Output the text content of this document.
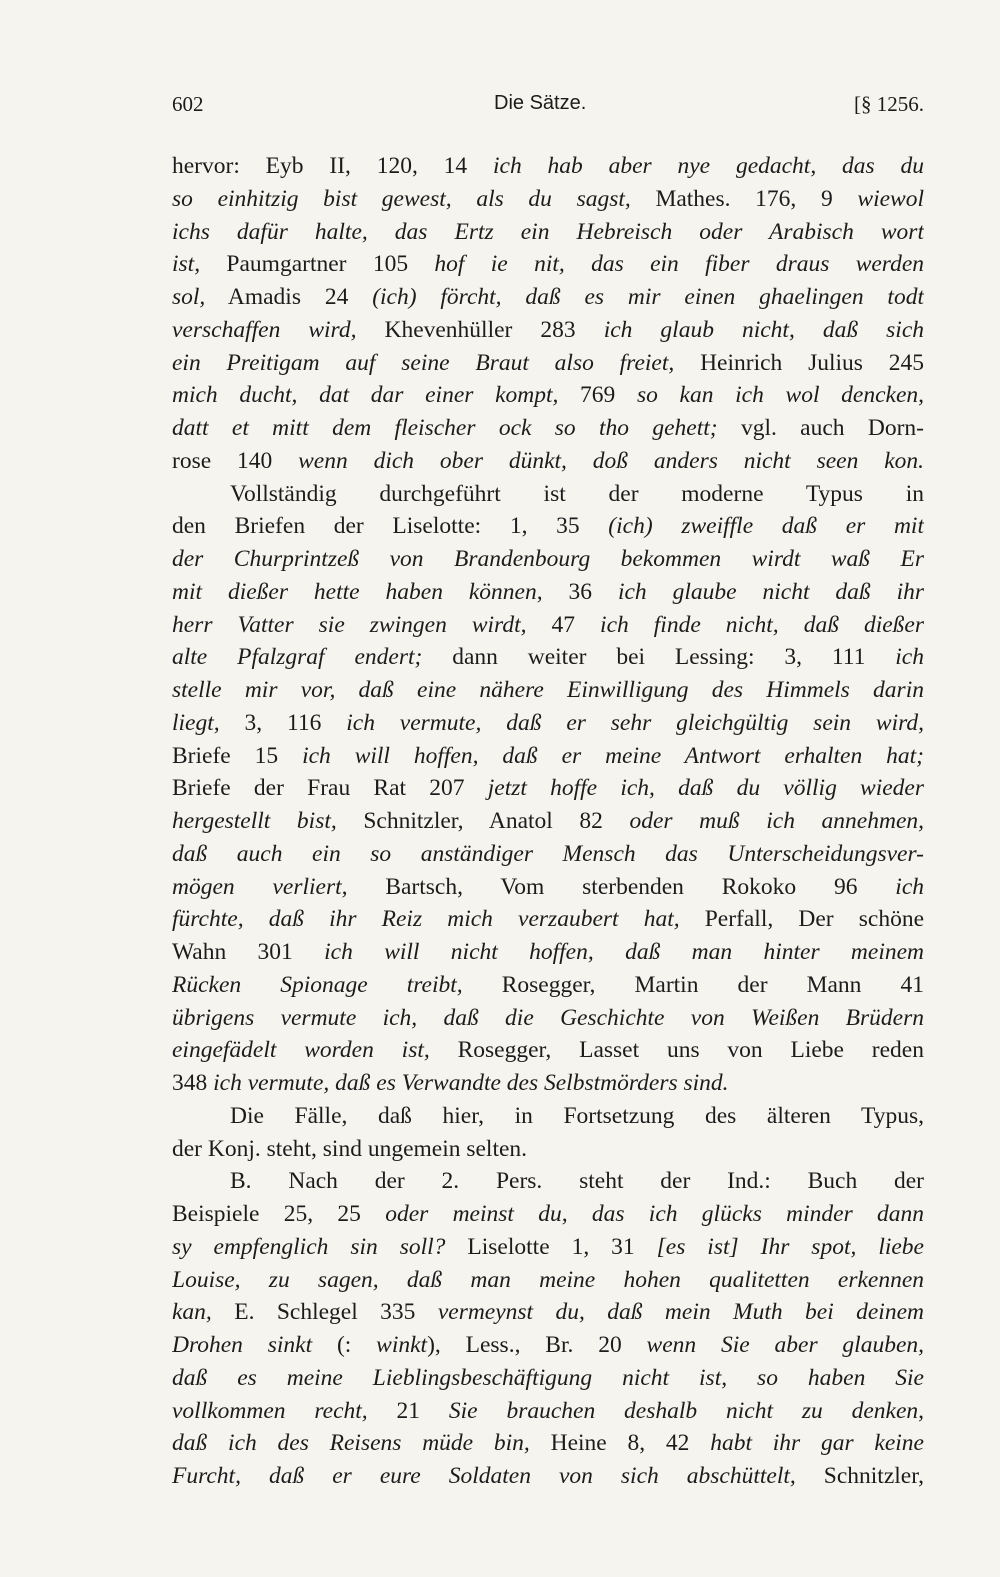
602	Die Sätze.	[§ 1256.
hervor: Eyb II, 120, 14 ich hab aber nye gedacht, das du
so einhitzig bist gewest, als du sagst, Mathes. 176, 9 wiewol
ichs dafür halte, das Ertz ein Hebreisch oder Arabisch wort
ist, Paumgartner 105 hof ie nit, das ein fiber draus werden
sol, Amadis 24 (ich) förcht, daß es mir einen ghaelingen todt
verschaffen wird, Khevenhüller 283 ich glaub nicht, daß sich
ein Preitigam auf seine Braut also freiet, Heinrich Julius 245
mich ducht, dat dar einer kompt, 769 so kan ich wol dencken,
datt et mitt dem fleischer ock so tho gehett; vgl. auch Dorn-
rose 140 wenn dich ober dünkt, doß anders nicht seen kon.
Vollständig durchgeführt ist der moderne Typus in
den Briefen der Liselotte: 1, 35 (ich) zweiffle daß er mit
der Churprintzeß von Brandenbourg bekommen wirdt waß Er
mit dießer hette haben können, 36 ich glaube nicht daß ihr
herr Vatter sie zwingen wirdt, 47 ich finde nicht, daß dießer
alte Pfalzgraf endert; dann weiter bei Lessing: 3, 111 ich
stelle mir vor, daß eine nähere Einwilligung des Himmels darin
liegt, 3, 116 ich vermute, daß er sehr gleichgültig sein wird,
Briefe 15 ich will hoffen, daß er meine Antwort erhalten hat;
Briefe der Frau Rat 207 jetzt hoffe ich, daß du völlig wieder
hergestellt bist, Schnitzler, Anatol 82 oder muß ich annehmen,
daß auch ein so anständiger Mensch das Unterscheidungsver-
mögen verliert, Bartsch, Vom sterbenden Rokoko 96 ich
fürchte, daß ihr Reiz mich verzaubert hat, Perfall, Der schöne
Wahn 301 ich will nicht hoffen, daß man hinter meinem
Rücken Spionage treibt, Rosegger, Martin der Mann 41
übrigens vermute ich, daß die Geschichte von Weißen Brüdern
eingefädelt worden ist, Rosegger, Lasset uns von Liebe reden
348 ich vermute, daß es Verwandte des Selbstmörders sind.
Die Fälle, daß hier, in Fortsetzung des älteren Typus,
der Konj. steht, sind ungemein selten.
B. Nach der 2. Pers. steht der Ind.: Buch der
Beispiele 25, 25 oder meinst du, das ich glücks minder dann
sy empfenglich sin soll? Liselotte 1, 31 [es ist] Ihr spot, liebe
Louise, zu sagen, daß man meine hohen qualitetten erkennen
kan, E. Schlegel 335 vermeynst du, daß mein Muth bei deinem
Drohen sinkt (: winkt), Less., Br. 20 wenn Sie aber glauben,
daß es meine Lieblingsbeschäftigung nicht ist, so haben Sie
vollkommen recht, 21 Sie brauchen deshalb nicht zu denken,
daß ich des Reisens müde bin, Heine 8, 42 habt ihr gar keine
Furcht, daß er eure Soldaten von sich abschüttelt, Schnitzler,
